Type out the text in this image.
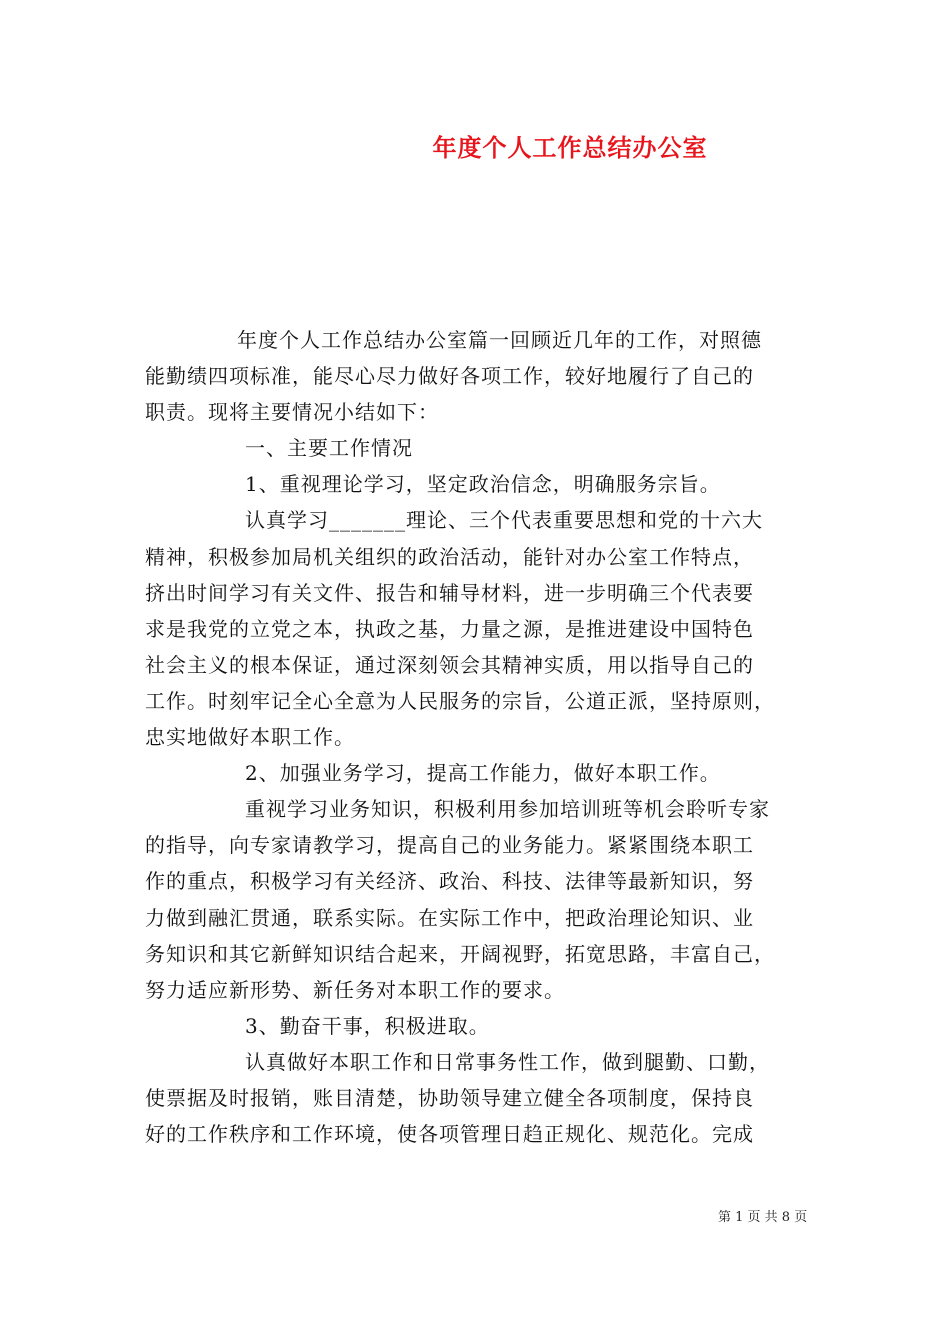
年度个人工作总结办公室
年度个人工作总结办公室篇一回顾近几年的工作，对照德
能勤绩四项标准，能尽心尽力做好各项工作，较好地履行了自己的
职责。现将主要情况小结如下：
一、主要工作情况
1、重视理论学习，坚定政治信念，明确服务宗旨。
认真学习_______理论、三个代表重要思想和党的十六大
精神，积极参加局机关组织的政治活动，能针对办公室工作特点，
挤出时间学习有关文件、报告和辅导材料，进一步明确三个代表要
求是我党的立党之本，执政之基，力量之源，是推进建设中国特色
社会主义的根本保证，通过深刻领会其精神实质，用以指导自己的
工作。时刻牢记全心全意为人民服务的宗旨，公道正派，坚持原则，
忠实地做好本职工作。
2、加强业务学习，提高工作能力，做好本职工作。
重视学习业务知识，积极利用参加培训班等机会聆听专家
的指导，向专家请教学习，提高自己的业务能力。紧紧围绕本职工
作的重点，积极学习有关经济、政治、科技、法律等最新知识，努
力做到融汇贯通，联系实际。在实际工作中，把政治理论知识、业
务知识和其它新鲜知识结合起来，开阔视野，拓宽思路，丰富自己，
努力适应新形势、新任务对本职工作的要求。
3、勤奋干事，积极进取。
认真做好本职工作和日常事务性工作，做到腿勤、口勤，
使票据及时报销，账目清楚，协助领导建立健全各项制度，保持良
好的工作秩序和工作环境，使各项管理日趋正规化、规范化。完成
第 1 页 共 8 页
